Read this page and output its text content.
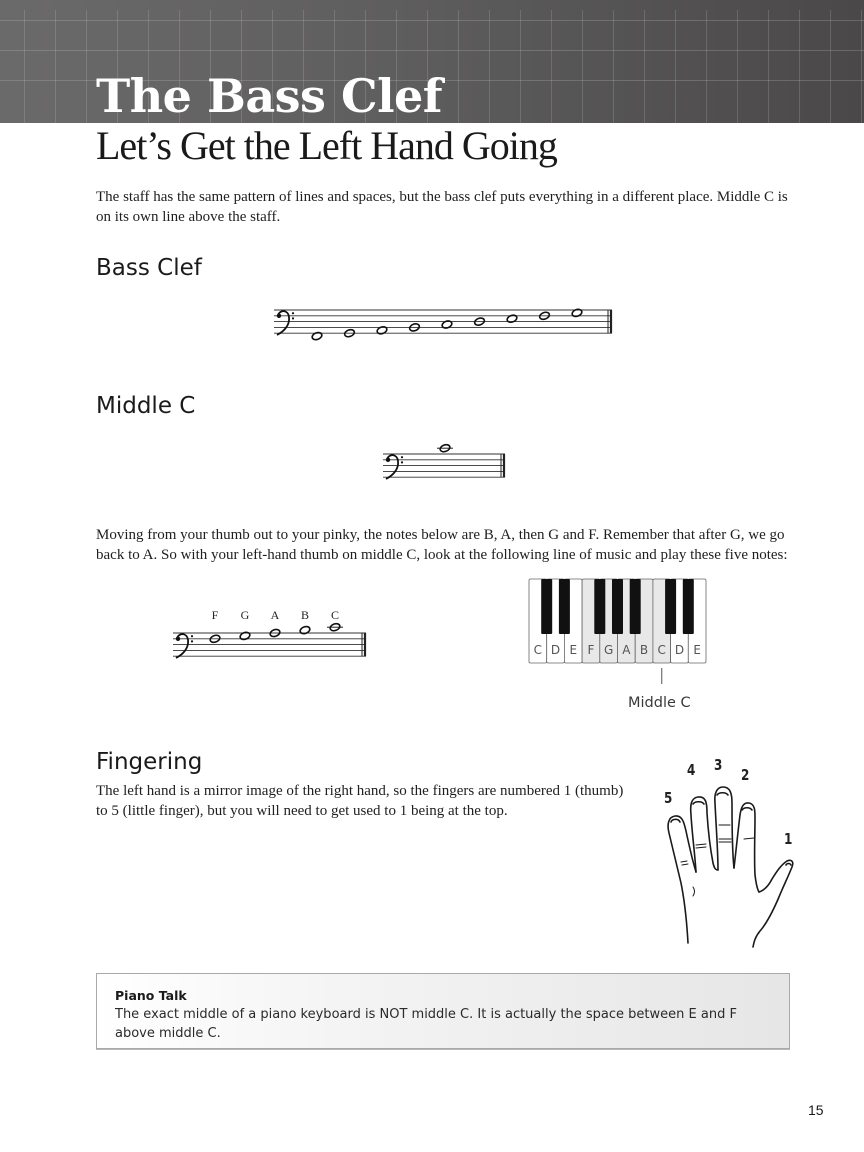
The Bass Clef
Let’s Get the Left Hand Going

The staff has the same pattern of lines and spaces, but the bass clef puts everything in a different place. Middle C is on its own line above the staff.

Bass Clef
Middle C

Moving from your thumb out to your pinky, the notes below are B, A, then G and F. Remember that after G, we go back to A. So with your left-hand thumb on middle C, look at the following line of music and play these five notes:

F G A B C
C D E F G A B C D E

Middle C

Fingering

The left hand is a mirror image of the right hand, so the fingers are numbered 1 (thumb) to 5 (little finger), but you will need to get used to 1 being at the top.

5
4 3
2
1

Piano Talk

The exact middle of a piano keyboard is NOT middle C. It is actually the space between E and F above middle C.

15
